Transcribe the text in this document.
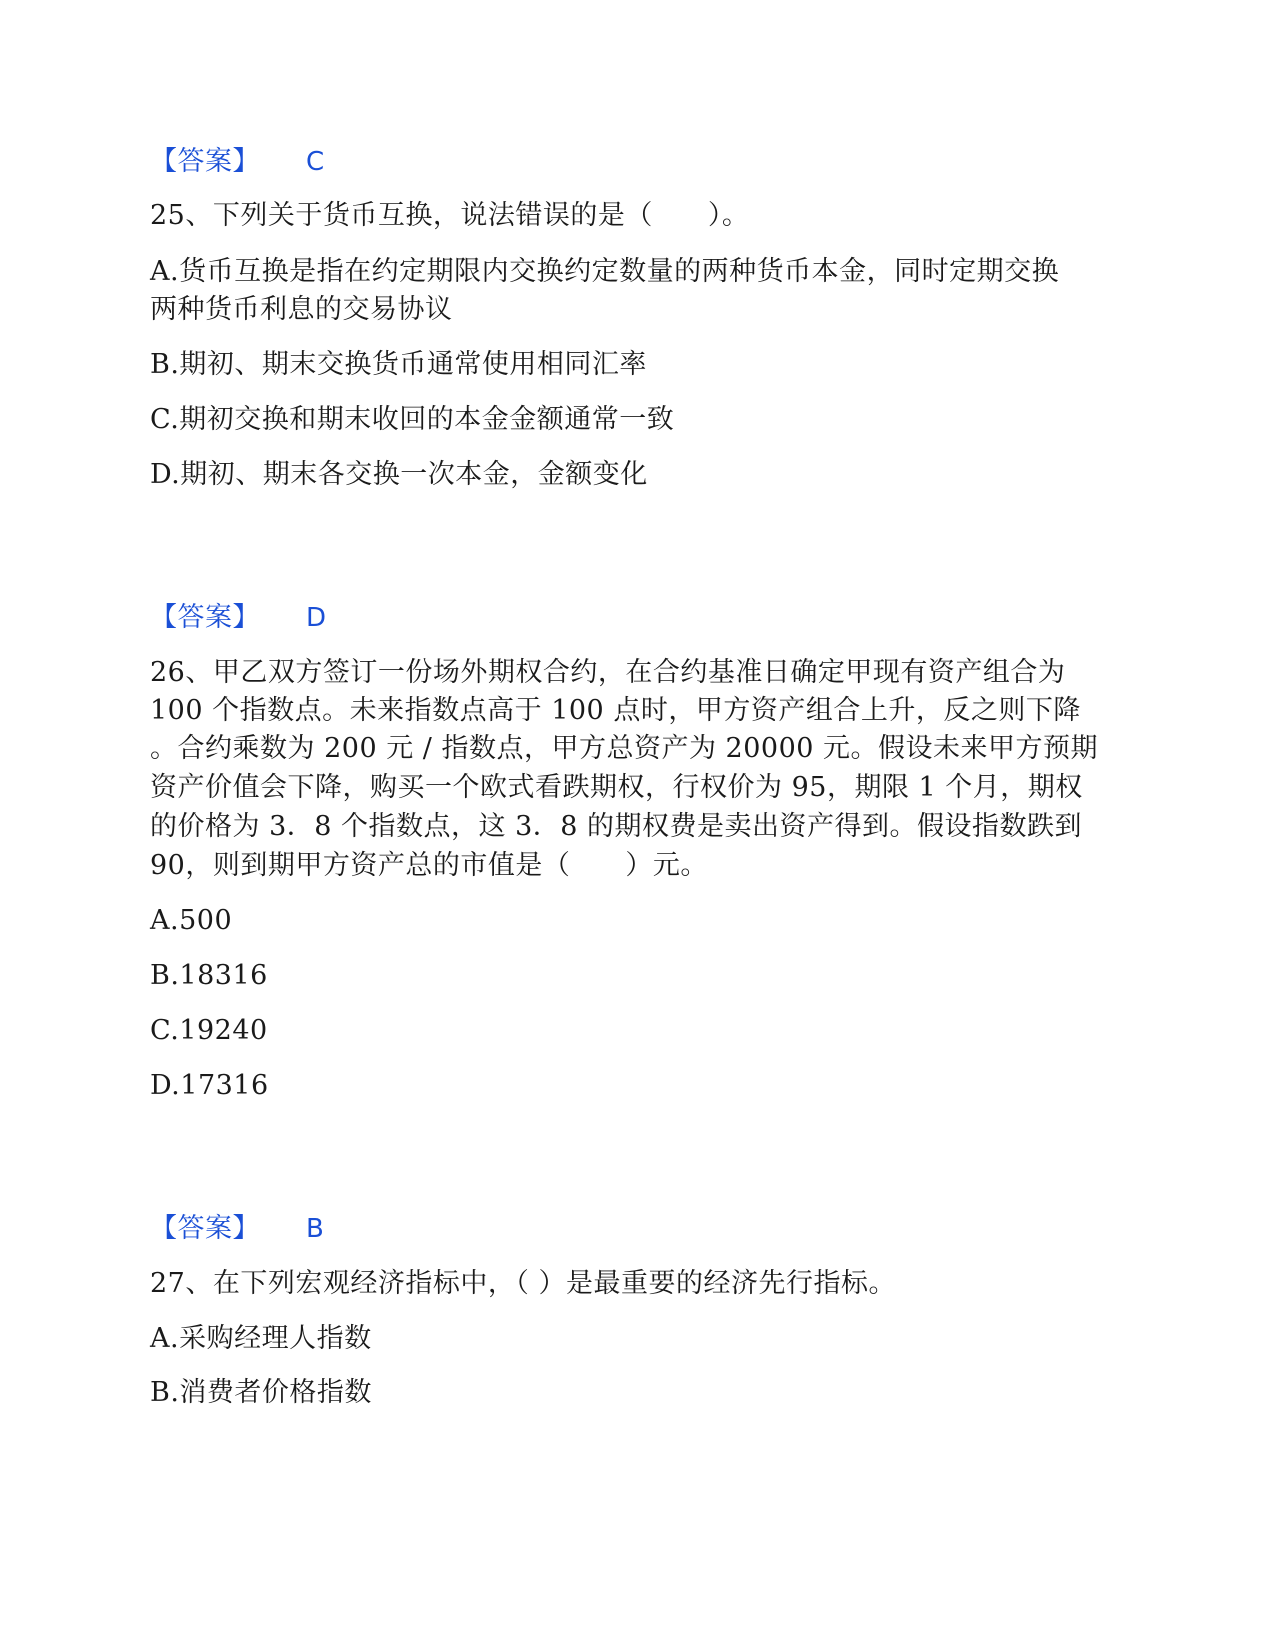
【答案】 C
25、下列关于货币互换，说法错误的是（　　）。
A.货币互换是指在约定期限内交换约定数量的两种货币本金，同时定期交换
两种货币利息的交易协议
B.期初、期末交换货币通常使用相同汇率
C.期初交换和期末收回的本金金额通常一致
D.期初、期末各交换一次本金，金额变化
【答案】 D
26、甲乙双方签订一份场外期权合约，在合约基准日确定甲现有资产组合为
100 个指数点。未来指数点高于 100 点时，甲方资产组合上升，反之则下降
。合约乘数为 200 元 / 指数点，甲方总资产为 20000 元。假设未来甲方预期
资产价值会下降，购买一个欧式看跌期权，行权价为 95，期限 1 个月，期权
的价格为 3．8 个指数点，这 3．8 的期权费是卖出资产得到。假设指数跌到
90，则到期甲方资产总的市值是（　　）元。
A.500
B.18316
C.19240
D.17316
【答案】 B
27、在下列宏观经济指标中，（ ）是最重要的经济先行指标。
A.采购经理人指数
B.消费者价格指数
